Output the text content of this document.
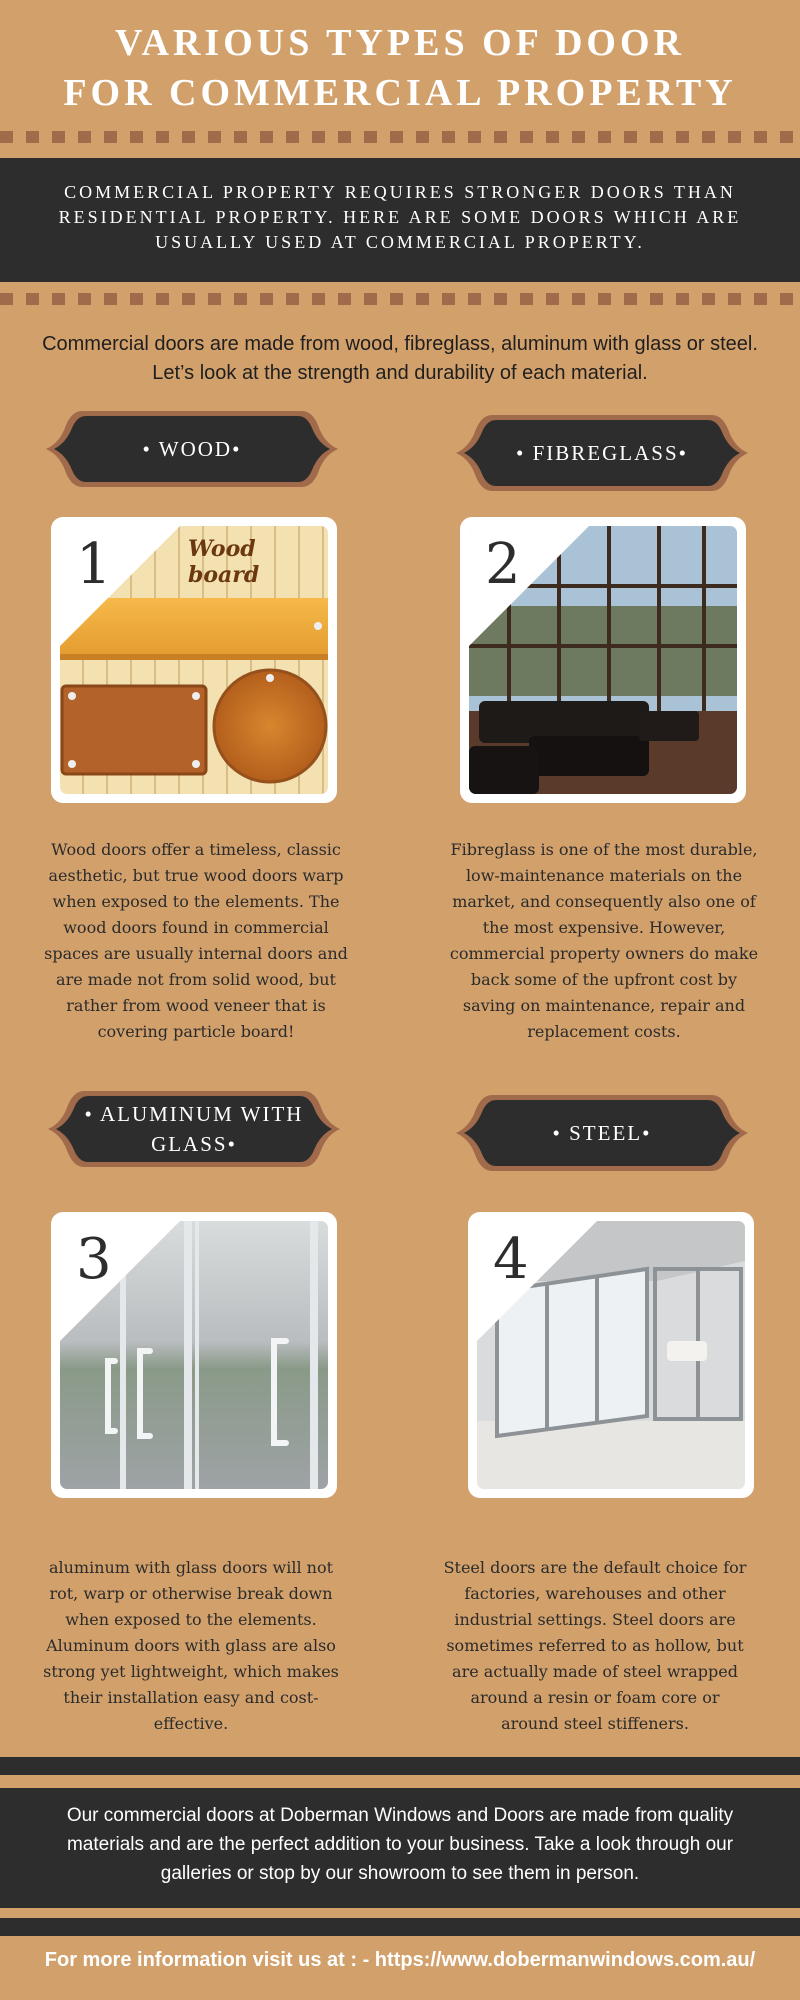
VARIOUS TYPES OF DOOR
FOR COMMERCIAL PROPERTY

COMMERCIAL PROPERTY REQUIRES STRONGER DOORS THAN RESIDENTIAL PROPERTY. HERE ARE SOME DOORS WHICH ARE USUALLY USED AT COMMERCIAL PROPERTY.

Commercial doors are made from wood, fibreglass, aluminum with glass or steel. Let’s look at the strength and durability of each material.

• WOOD•	• FIBREGLASS•
1	Wood board	2

Wood doors offer a timeless, classic aesthetic, but true wood doors warp when exposed to the elements. The wood doors found in commercial spaces are usually internal doors and are made not from solid wood, but rather from wood veneer that is covering particle board!

Fibreglass is one of the most durable, low-maintenance materials on the market, and consequently also one of the most expensive. However, commercial property owners do make back some of the upfront cost by saving on maintenance, repair and replacement costs.

• ALUMINUM WITH GLASS•	• STEEL•
3	4

aluminum with glass doors will not rot, warp or otherwise break down when exposed to the elements. Aluminum doors with glass are also strong yet lightweight, which makes their installation easy and cost-effective.

Steel doors are the default choice for factories, warehouses and other industrial settings. Steel doors are sometimes referred to as hollow, but are actually made of steel wrapped around a resin or foam core or around steel stiffeners.

Our commercial doors at Doberman Windows and Doors are made from quality materials and are the perfect addition to your business. Take a look through our galleries or stop by our showroom to see them in person.

For more information visit us at : - https://www.dobermanwindows.com.au/
